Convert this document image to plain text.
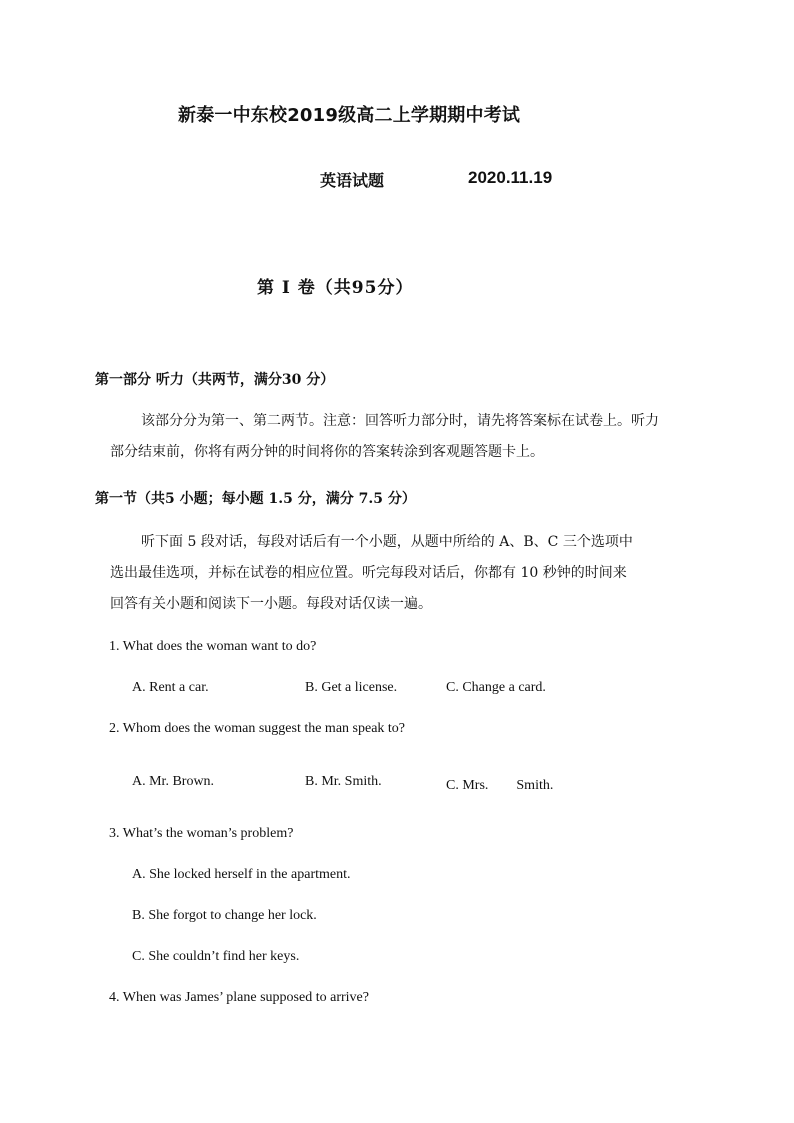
新泰一中东校2019级高二上学期期中考试
英语试题	2020.11.19
第 I 卷（共95分）
第一部分 听力（共两节，满分30 分）
该部分分为第一、第二两节。注意：回答听力部分时，请先将答案标在试卷上。听力
部分结束前，你将有两分钟的时间将你的答案转涂到客观题答题卡上。
第一节（共5 小题；每小题 1.5 分，满分 7.5 分）
听下面 5 段对话，每段对话后有一个小题，从题中所给的 A、B、C 三个选项中
选出最佳选项，并标在试卷的相应位置。听完每段对话后，你都有 10 秒钟的时间来
回答有关小题和阅读下一小题。每段对话仅读一遍。
1. What does the woman want to do?
A. Rent a car.	B. Get a license.	C. Change a card.
2. Whom does the woman suggest the man speak to?
A. Mr. Brown.	B. Mr. Smith.	C. Mrs.　　Smith.
3. What’s the woman’s problem?
A. She locked herself in the apartment.
B. She forgot to change her lock.
C. She couldn’t find her keys.
4. When was James’ plane supposed to arrive?
